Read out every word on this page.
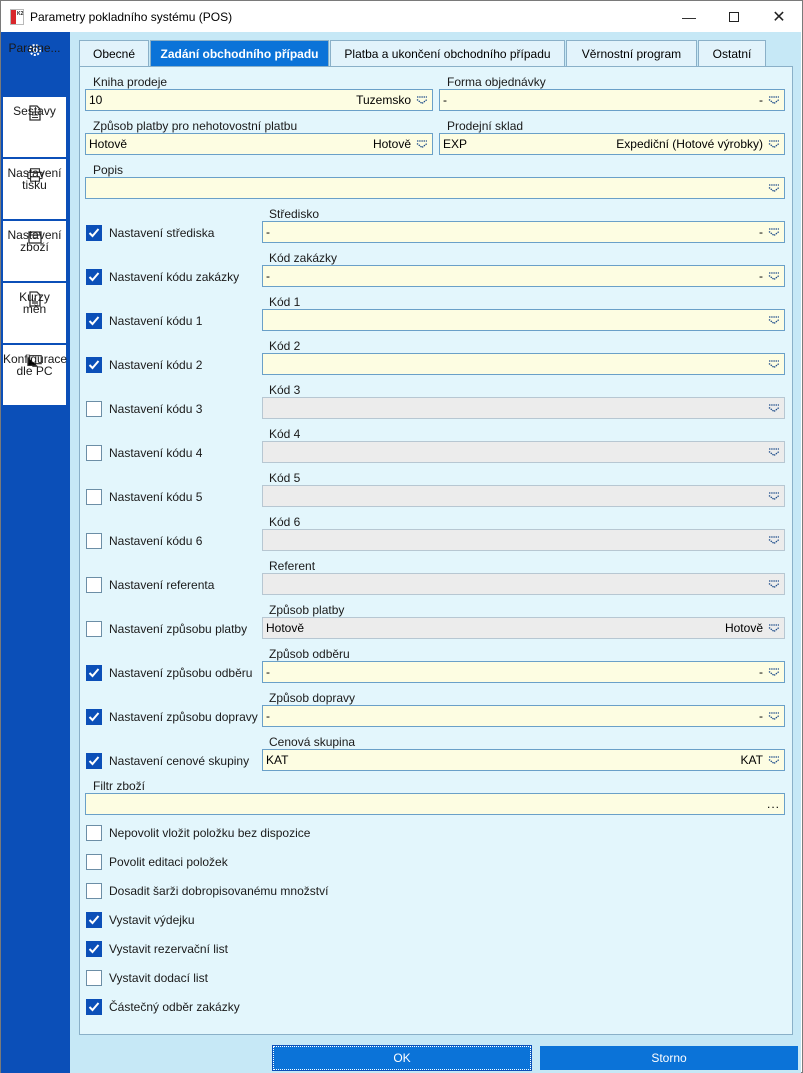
K2 Parametry pokladního systému (POS)	—	✕
Parame...
Sestavy
Nastavení tisku
Nastavení zboží
Kurzy měn
Konfigurace dle PC
Obecné	Zadání obchodního případu	Platba a ukončení obchodního případu	Věrnostní program	Ostatní
Kniha prodeje
10	Tuzemsko
Forma objednávky
-	-
Způsob platby pro nehotovostní platbu
Hotově	Hotově
Prodejní sklad
EXP	Expediční (Hotové výrobky)
Popis
Nastavení střediska
Středisko
-	-
Nastavení kódu zakázky
Kód zakázky
-	-
Nastavení kódu 1
Kód 1
Nastavení kódu 2
Kód 2
Nastavení kódu 3
Kód 3
Nastavení kódu 4
Kód 4
Nastavení kódu 5
Kód 5
Nastavení kódu 6
Kód 6
Nastavení referenta
Referent
Nastavení způsobu platby
Způsob platby
Hotově	Hotově
Nastavení způsobu odběru
Způsob odběru
-	-
Nastavení způsobu dopravy
Způsob dopravy
-	-
Nastavení cenové skupiny
Cenová skupina
KAT	KAT
Filtr zboží
...
Nepovolit vložit položku bez dispozice
Povolit editaci položek
Dosadit šarži dobropisovanému množství
Vystavit výdejku
Vystavit rezervační list
Vystavit dodací list
Částečný odběr zakázky
OK	Storno
